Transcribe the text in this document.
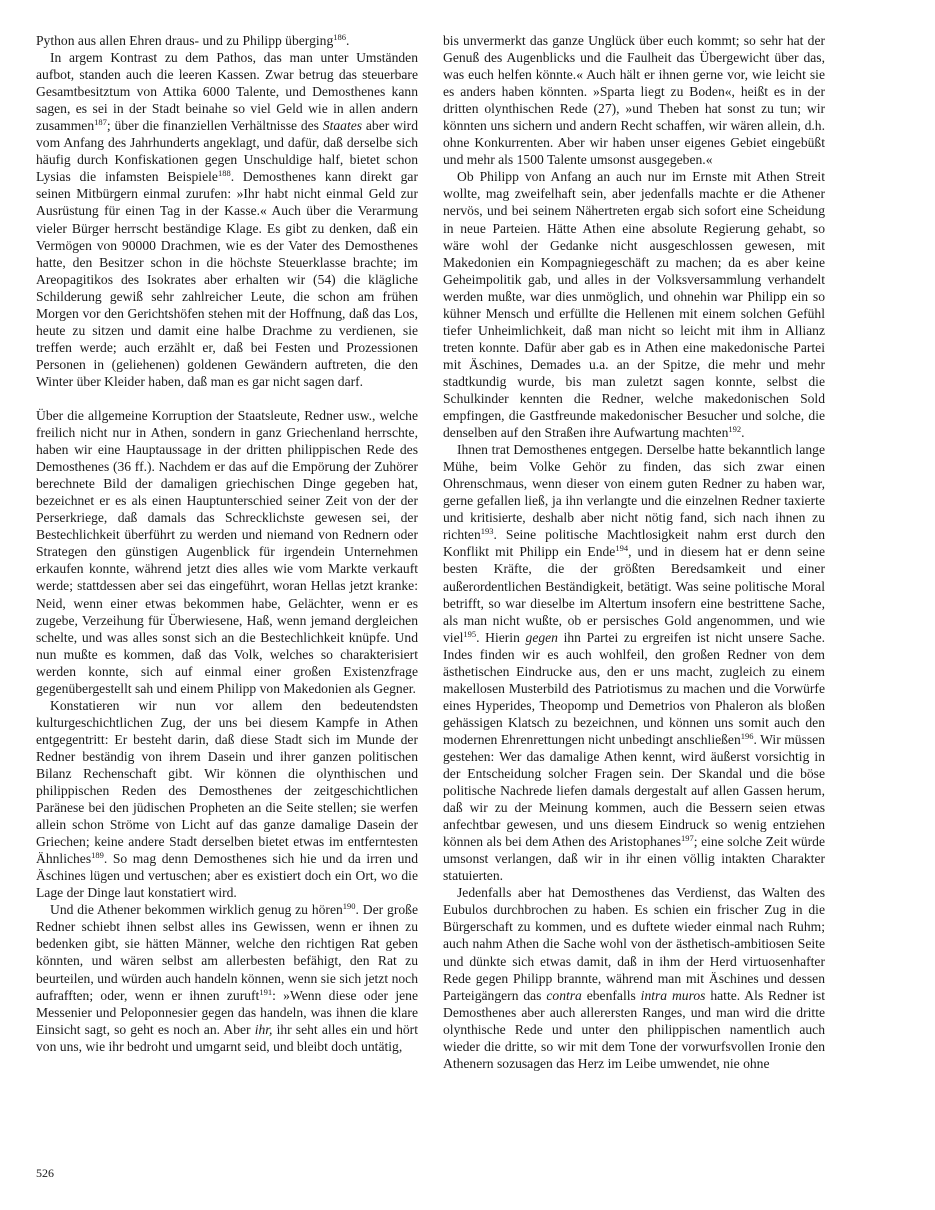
Python aus allen Ehren draus- und zu Philipp überging$^{186}$.

In argem Kontrast zu dem Pathos, das man unter Umständen aufbot, standen auch die leeren Kassen. Zwar betrug das steuerbare Gesamtbesitztum von Attika 6000 Talente, und Demosthenes kann sagen, es sei in der Stadt beinahe so viel Geld wie in allen andern zusammen$^{187}$; über die finanziellen Verhältnisse des Staates aber wird vom Anfang des Jahrhunderts angeklagt, und dafür, daß derselbe sich häufig durch Konfiskationen gegen Unschuldige half, bietet schon Lysias die infamsten Beispiele$^{188}$. Demosthenes kann direkt gar seinen Mitbürgern einmal zurufen: »Ihr habt nicht einmal Geld zur Ausrüstung für einen Tag in der Kasse.« Auch über die Verarmung vieler Bürger herrscht beständige Klage. Es gibt zu denken, daß ein Vermögen von 90000 Drachmen, wie es der Vater des Demosthenes hatte, den Besitzer schon in die höchste Steuerklasse brachte; im Areopagitikos des Isokrates aber erhalten wir (54) die klägliche Schilderung gewiß sehr zahlreicher Leute, die schon am frühen Morgen vor den Gerichtshöfen stehen mit der Hoffnung, daß das Los, heute zu sitzen und damit eine halbe Drachme zu verdienen, sie treffen werde; auch erzählt er, daß bei Festen und Prozessionen Personen in (geliehenen) goldenen Gewändern auftreten, die den Winter über Kleider haben, daß man es gar nicht sagen darf.

Über die allgemeine Korruption der Staatsleute, Redner usw., welche freilich nicht nur in Athen, sondern in ganz Griechenland herrschte, haben wir eine Hauptaussage in der dritten philippischen Rede des Demosthenes (36 ff.). Nachdem er das auf die Empörung der Zuhörer berechnete Bild der damaligen griechischen Dinge gegeben hat, bezeichnet er es als einen Hauptunterschied seiner Zeit von der der Perserkriege, daß damals das Schrecklichste gewesen sei, der Bestechlichkeit überführt zu werden und niemand von Rednern oder Strategen den günstigen Augenblick für irgendein Unternehmen erkaufen konnte, während jetzt dies alles wie vom Markte verkauft werde; stattdessen aber sei das eingeführt, woran Hellas jetzt kranke: Neid, wenn einer etwas bekommen habe, Gelächter, wenn er es zugebe, Verzeihung für Überwiesene, Haß, wenn jemand dergleichen schelte, und was alles sonst sich an die Bestechlichkeit knüpfe. Und nun mußte es kommen, daß das Volk, welches so charakterisiert werden konnte, sich auf einmal einer großen Existenzfrage gegenübergestellt sah und einem Philipp von Makedonien als Gegner.

Konstatieren wir nun vor allem den bedeutendsten kulturgeschichtlichen Zug, der uns bei diesem Kampfe in Athen entgegentritt: Er besteht darin, daß diese Stadt sich im Munde der Redner beständig von ihrem Dasein und ihrer ganzen politischen Bilanz Rechenschaft gibt. Wir können die olynthischen und philippischen Reden des Demosthenes der zeitgeschichtlichen Paränese bei den jüdischen Propheten an die Seite stellen; sie werfen allein schon Ströme von Licht auf das ganze damalige Dasein der Griechen; keine andere Stadt derselben bietet etwas im entferntesten Ähnliches$^{189}$. So mag denn Demosthenes sich hie und da irren und Äschines lügen und vertuschen; aber es existiert doch ein Ort, wo die Lage der Dinge laut konstatiert wird.

Und die Athener bekommen wirklich genug zu hören$^{190}$. Der große Redner schiebt ihnen selbst alles ins Gewissen, wenn er ihnen zu bedenken gibt, sie hätten Männer, welche den richtigen Rat geben könnten, und wären selbst am allerbesten befähigt, den Rat zu beurteilen, und würden auch handeln können, wenn sie sich jetzt noch aufrafften; oder, wenn er ihnen zuruft$^{191}$: »Wenn diese oder jene Messenier und Peloponnesier gegen das handeln, was ihnen die klare Einsicht sagt, so geht es noch an. Aber ihr, ihr seht alles ein und hört von uns, wie ihr bedroht und umgarnt seid, und bleibt doch untätig,

bis unvermerkt das ganze Unglück über euch kommt; so sehr hat der Genuß des Augenblicks und die Faulheit das Übergewicht über das, was euch helfen könnte.« Auch hält er ihnen gerne vor, wie leicht sie es anders haben könnten. »Sparta liegt zu Boden«, heißt es in der dritten olynthischen Rede (27), »und Theben hat sonst zu tun; wir könnten uns sichern und andern Recht schaffen, wir wären allein, d.h. ohne Konkurrenten. Aber wir haben unser eigenes Gebiet eingebüßt und mehr als 1500 Talente umsonst ausgegeben.«

Ob Philipp von Anfang an auch nur im Ernste mit Athen Streit wollte, mag zweifelhaft sein, aber jedenfalls machte er die Athener nervös, und bei seinem Nähertreten ergab sich sofort eine Scheidung in neue Parteien. Hätte Athen eine absolute Regierung gehabt, so wäre wohl der Gedanke nicht ausgeschlossen gewesen, mit Makedonien ein Kompagniegeschäft zu machen; da es aber keine Geheimpolitik gab, und alles in der Volksversammlung verhandelt werden mußte, war dies unmöglich, und ohnehin war Philipp ein so kühner Mensch und erfüllte die Hellenen mit einem solchen Gefühl tiefer Unheimlichkeit, daß man nicht so leicht mit ihm in Allianz treten konnte. Dafür aber gab es in Athen eine makedonische Partei mit Äschines, Demades u.a. an der Spitze, die mehr und mehr stadtkundig wurde, bis man zuletzt sagen konnte, selbst die Schulkinder kennten die Redner, welche makedonischen Sold empfingen, die Gastfreunde makedonischer Besucher und solche, die denselben auf den Straßen ihre Aufwartung machten$^{192}$.

Ihnen trat Demosthenes entgegen. Derselbe hatte bekanntlich lange Mühe, beim Volke Gehör zu finden, das sich zwar einen Ohrenschmaus, wenn dieser von einem guten Redner zu haben war, gerne gefallen ließ, ja ihn verlangte und die einzelnen Redner taxierte und kritisierte, deshalb aber nicht nötig fand, sich nach ihnen zu richten$^{193}$. Seine politische Machtlosigkeit nahm erst durch den Konflikt mit Philipp ein Ende$^{194}$, und in diesem hat er denn seine besten Kräfte, die der größten Beredsamkeit und einer außerordentlichen Beständigkeit, betätigt. Was seine politische Moral betrifft, so war dieselbe im Altertum insofern eine bestrittene Sache, als man nicht wußte, ob er persisches Gold angenommen, und wie viel$^{195}$. Hierin gegen ihn Partei zu ergreifen ist nicht unsere Sache. Indes finden wir es auch wohlfeil, den großen Redner von dem ästhetischen Eindrucke aus, den er uns macht, zugleich zu einem makellosen Musterbild des Patriotismus zu machen und die Vorwürfe eines Hyperides, Theopomp und Demetrios von Phaleron als bloßen gehässigen Klatsch zu bezeichnen, und können uns somit auch den modernen Ehrenrettungen nicht unbedingt anschließen$^{196}$. Wir müssen gestehen: Wer das damalige Athen kennt, wird äußerst vorsichtig in der Entscheidung solcher Fragen sein. Der Skandal und die böse politische Nachrede liefen damals dergestalt auf allen Gassen herum, daß wir zu der Meinung kommen, auch die Bessern seien etwas anfechtbar gewesen, und uns diesem Eindruck so wenig entziehen können als bei dem Athen des Aristophanes$^{197}$; eine solche Zeit würde umsonst verlangen, daß wir in ihr einen völlig intakten Charakter statuierten.

Jedenfalls aber hat Demosthenes das Verdienst, das Walten des Eubulos durchbrochen zu haben. Es schien ein frischer Zug in die Bürgerschaft zu kommen, und es duftete wieder einmal nach Ruhm; auch nahm Athen die Sache wohl von der ästhetisch-ambitiosen Seite und dünkte sich etwas damit, daß in ihm der Herd virtuosenhafter Rede gegen Philipp brannte, während man mit Äschines und dessen Parteigängern das contra ebenfalls intra muros hatte. Als Redner ist Demosthenes aber auch allerersten Ranges, und man wird die dritte olynthische Rede und unter den philippischen namentlich auch wieder die dritte, so wir mit dem Tone der vorwurfsvollen Ironie den Athenern sozusagen das Herz im Leibe umwendet, nie ohne

526
